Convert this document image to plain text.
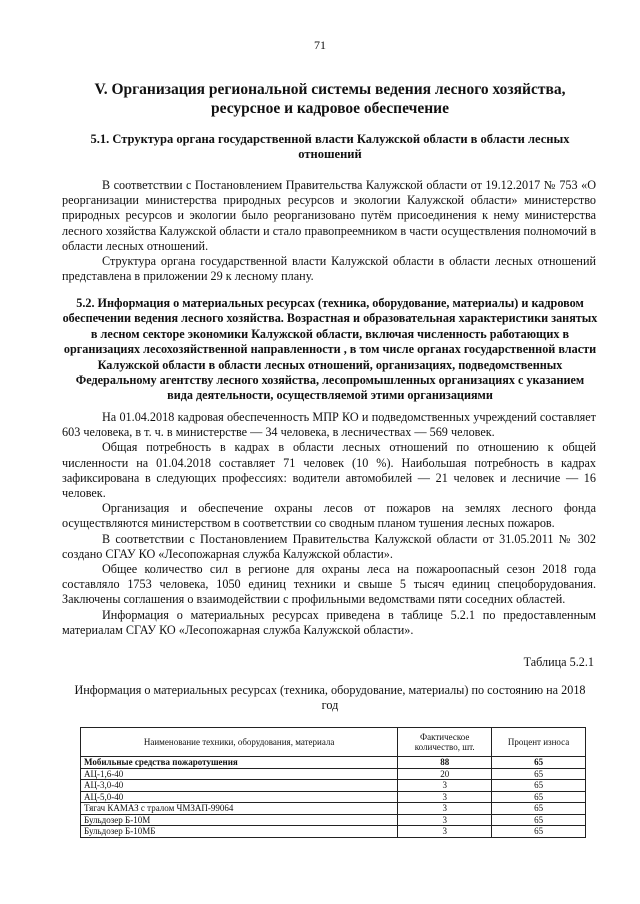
71
V. Организация региональной системы ведения лесного хозяйства, ресурсное и кадровое обеспечение
5.1. Структура органа государственной власти Калужской области в области лесных отношений

В соответствии с Постановлением Правительства Калужской области от 19.12.2017 № 753 «О реорганизации министерства природных ресурсов и экологии Калужской области» министерство природных ресурсов и экологии было реорганизовано путём присоединения к нему министерства лесного хозяйства Калужской области и стало правопреемником в части осуществления полномочий в области лесных отношений.

Структура органа государственной власти Калужской области в области лесных отношений представлена в приложении 29 к лесному плану.

5.2. Информация о материальных ресурсах (техника, оборудование, материалы) и кадровом обеспечении ведения лесного хозяйства. Возрастная и образовательная характеристики занятых в лесном секторе экономики Калужской области, включая численность работающих в организациях лесохозяйственной направленности , в том числе органах государственной власти Калужской области в области лесных отношений, организациях, подведомственных Федеральному агентству лесного хозяйства, лесопромышленных организациях с указанием вида деятельности, осуществляемой этими организациями

На 01.04.2018 кадровая обеспеченность МПР КО и подведомственных учреждений составляет 603 человека, в т. ч. в министерстве — 34 человека, в лесничествах — 569 человек.

Общая потребность в кадрах в области лесных отношений по отношению к общей численности на 01.04.2018 составляет 71 человек (10 %). Наибольшая потребность в кадрах зафиксирована в следующих профессиях: водители автомобилей — 21 человек и лесничие — 16 человек.

Организация и обеспечение охраны лесов от пожаров на землях лесного фонда осуществляются министерством в соответствии со сводным планом тушения лесных пожаров.

В соответствии с Постановлением Правительства Калужской области от 31.05.2011 № 302 создано СГАУ КО «Лесопожарная служба Калужской области».

Общее количество сил в регионе для охраны леса на пожароопасный сезон 2018 года составляло 1753 человека, 1050 единиц техники и свыше 5 тысяч единиц спецоборудования. Заключены соглашения о взаимодействии с профильными ведомствами пяти соседних областей.

Информация о материальных ресурсах приведена в таблице 5.2.1 по предоставленным материалам СГАУ КО «Лесопожарная служба Калужской области».

Таблица 5.2.1
Информация о материальных ресурсах (техника, оборудование, материалы) по состоянию на 2018 год
Наименование техники, оборудования, материала	Фактическое количество, шт.	Процент износа
Мобильные средства пожаротушения	88	65
АЦ-1,6-40	20	65
АЦ-3,0-40	3	65
АЦ-5,0-40	3	65
Тягач КАМАЗ с тралом ЧМЗАП-99064	3	65
Бульдозер Б-10М	3	65
Бульдозер Б-10МБ	3	65
